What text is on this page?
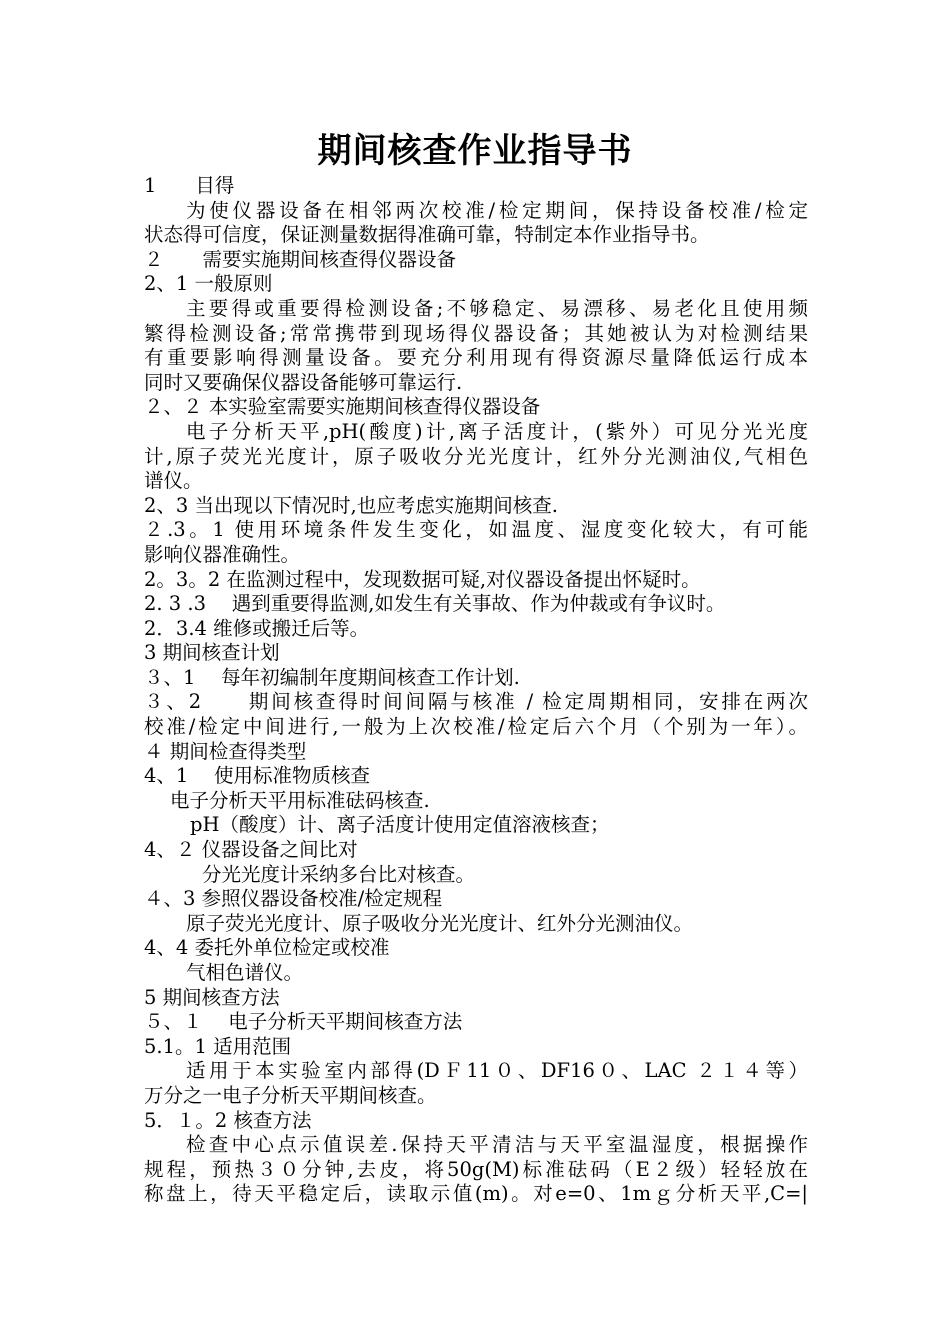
期间核查作业指导书
1　　目得
为使仪器设备在相邻两次校准/检定期间，保持设备校准/检定
状态得可信度，保证测量数据得准确可靠，特制定本作业指导书。
２　　需要实施期间核查得仪器设备
2、1 一般原则
主要得或重要得检测设备;不够稳定、易漂移、易老化且使用频
繁得检测设备;常常携带到现场得仪器设备；其她被认为对检测结果
有重要影响得测量设备。要充分利用现有得资源尽量降低运行成本
同时又要确保仪器设备能够可靠运行.
２、２ 本实验室需要实施期间核查得仪器设备
电子分析天平,pH(酸度)计,离子活度计，(紫外）可见分光光度
计,原子荧光光度计，原子吸收分光光度计，红外分光测油仪,气相色
谱仪。
2、3 当出现以下情况时,也应考虑实施期间核查.
２.3。1 使用环境条件发生变化，如温度、湿度变化较大，有可能
影响仪器准确性。
2。3。2 在监测过程中，发现数据可疑,对仪器设备提出怀疑时。
2. 3 .3　 遇到重要得监测,如发生有关事故、作为仲裁或有争议时。
2．3.4 维修或搬迁后等。
3 期间核查计划
３、1　 每年初编制年度期间核查工作计划.
３、2　　期间核查得时间间隔与核准 / 检定周期相同，安排在两次
校准/检定中间进行,一般为上次校准/检定后六个月（个别为一年）。
４ 期间检查得类型
4、1　 使用标准物质核查
电子分析天平用标准砝码核查.
pH（酸度）计、离子活度计使用定值溶液核查；
4、２ 仪器设备之间比对
分光光度计采纳多台比对核查。
４、3 参照仪器设备校准/检定规程
原子荧光光度计、原子吸收分光光度计、红外分光测油仪。
4、4 委托外单位检定或校准
气相色谱仪。
5 期间核查方法
５、１　 电子分析天平期间核查方法
5.1。1 适用范围
适用于本实验室内部得(DＦ11０、DF16０、LAC ２１４等）
万分之一电子分析天平期间核查。
5．１。2 核查方法
检查中心点示值误差.保持天平清洁与天平室温湿度，根据操作
规程，预热３０分钟,去皮，将50g(M)标准砝码（E２级）轻轻放在
称盘上，待天平稳定后，读取示值(m)。对e=0、1mｇ分析天平,C=|
